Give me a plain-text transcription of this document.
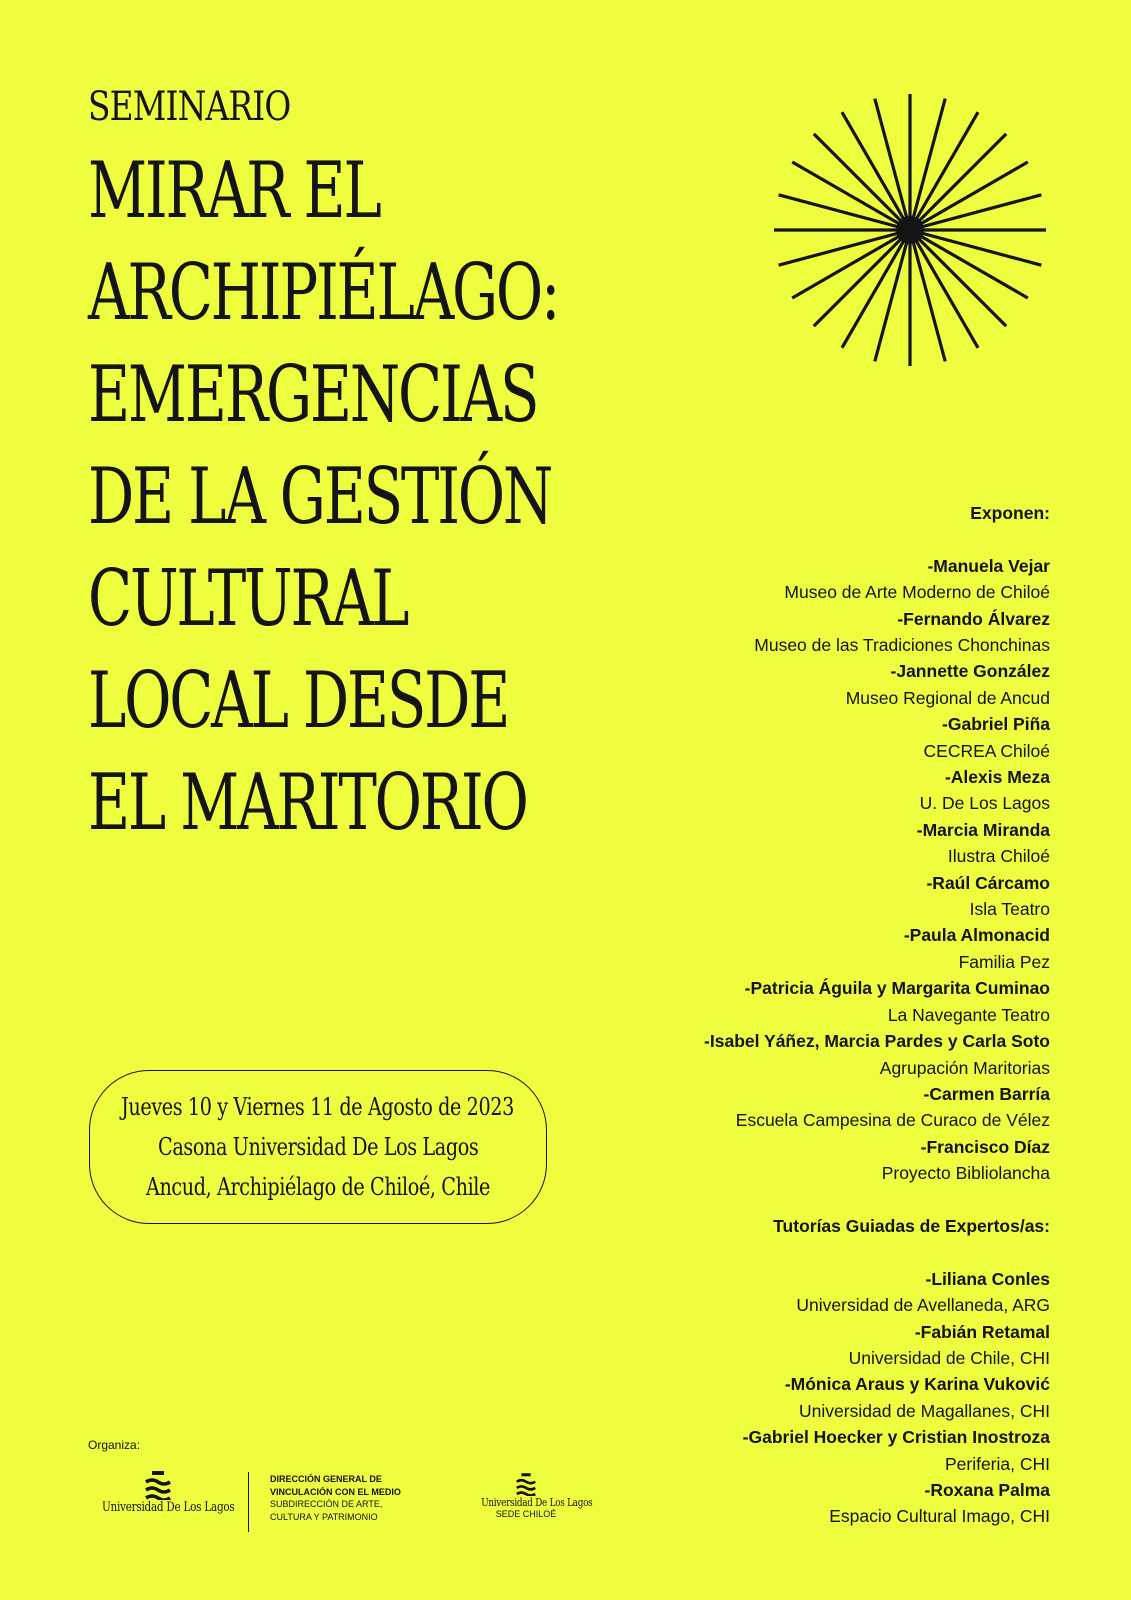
SEMINARIO
MIRAR EL
ARCHIPIÉLAGO:
EMERGENCIAS
DE LA GESTIÓN
CULTURAL
LOCAL DESDE
EL MARITORIO
Jueves 10 y Viernes 11 de Agosto de 2023
Casona Universidad De Los Lagos
Ancud, Archipiélago de Chiloé, Chile
Exponen:
-Manuela Vejar
Museo de Arte Moderno de Chiloé
-Fernando Álvarez
Museo de las Tradiciones Chonchinas
-Jannette González
Museo Regional de Ancud
-Gabriel Piña
CECREA Chiloé
-Alexis Meza
U. De Los Lagos
-Marcia Miranda
Ilustra Chiloé
-Raúl Cárcamo
Isla Teatro
-Paula Almonacid
Familia Pez
-Patricia Águila y Margarita Cuminao
La Navegante Teatro
-Isabel Yáñez, Marcia Pardes y Carla Soto
Agrupación Maritorias
-Carmen Barría
Escuela Campesina de Curaco de Vélez
-Francisco Díaz
Proyecto Bibliolancha
Tutorías Guiadas de Expertos/as:
-Liliana Conles
Universidad de Avellaneda, ARG
-Fabián Retamal
Universidad de Chile, CHI
-Mónica Araus y Karina Vuković
Universidad de Magallanes, CHI
-Gabriel Hoecker y Cristian Inostroza
Periferia, CHI
-Roxana Palma
Espacio Cultural Imago, CHI
Organiza:
Universidad De Los Lagos
DIRECCIÓN GENERAL DE
VINCULACIÓN CON EL MEDIO
SUBDIRECCIÓN DE ARTE,
CULTURA Y PATRIMONIO
Universidad De Los Lagos
SEDE CHILOÉ
